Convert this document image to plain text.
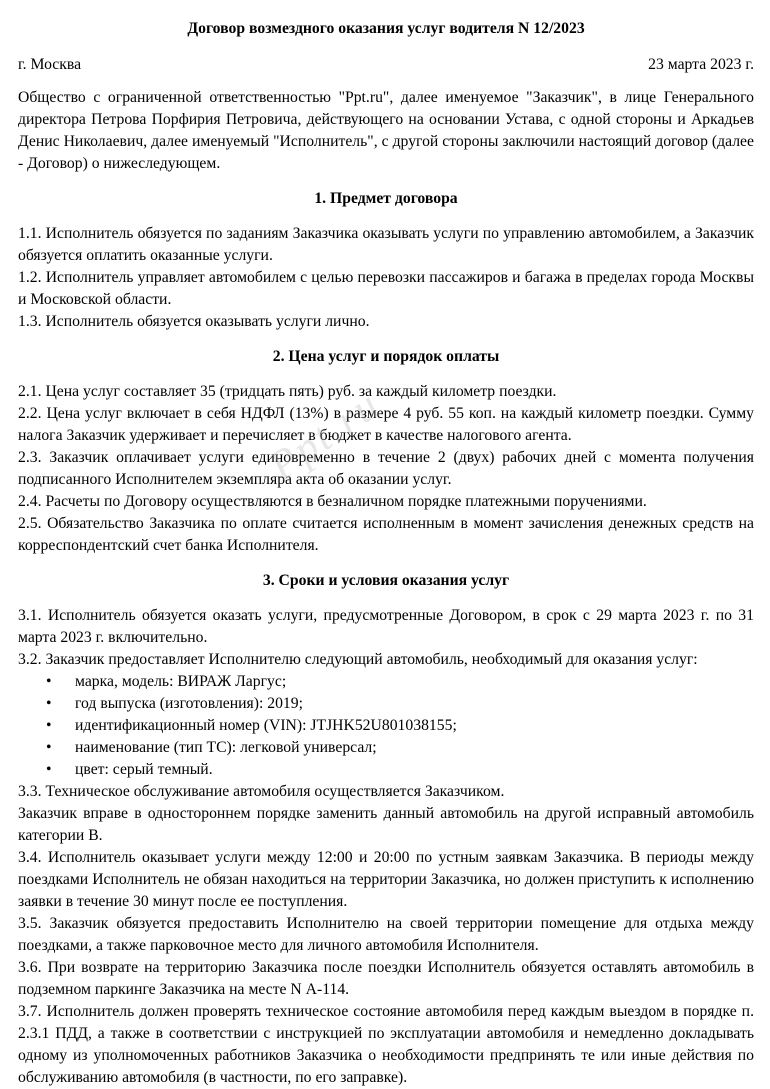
Ppt.ru
Договор возмездного оказания услуг водителя N 12/2023
г. Москва	23 марта 2023 г.

Общество с ограниченной ответственностью "Ppt.ru", далее именуемое "Заказчик", в лице Генерального директора Петрова Порфирия Петровича, действующего на основании Устава, с одной стороны и Аркадьев Денис Николаевич, далее именуемый "Исполнитель", с другой стороны заключили настоящий договор (далее - Договор) о нижеследующем.

1. Предмет договора

1.1. Исполнитель обязуется по заданиям Заказчика оказывать услуги по управлению автомобилем, а Заказчик обязуется оплатить оказанные услуги.

1.2. Исполнитель управляет автомобилем с целью перевозки пассажиров и багажа в пределах города Москвы и Московской области.

1.3. Исполнитель обязуется оказывать услуги лично.

2. Цена услуг и порядок оплаты

2.1. Цена услуг составляет 35 (тридцать пять) руб. за каждый километр поездки.

2.2. Цена услуг включает в себя НДФЛ (13%) в размере 4 руб. 55 коп. на каждый километр поездки. Сумму налога Заказчик удерживает и перечисляет в бюджет в качестве налогового агента.

2.3. Заказчик оплачивает услуги единовременно в течение 2 (двух) рабочих дней с момента получения подписанного Исполнителем экземпляра акта об оказании услуг.

2.4. Расчеты по Договору осуществляются в безналичном порядке платежными поручениями.

2.5. Обязательство Заказчика по оплате считается исполненным в момент зачисления денежных средств на корреспондентский счет банка Исполнителя.

3. Сроки и условия оказания услуг

3.1. Исполнитель обязуется оказать услуги, предусмотренные Договором, в срок с 29 марта 2023 г. по 31 марта 2023 г. включительно.

3.2. Заказчик предоставляет Исполнителю следующий автомобиль, необходимый для оказания услуг:

• марка, модель: ВИРАЖ Ларгус;
• год выпуска (изготовления): 2019;
• идентификационный номер (VIN): JTJHK52U801038155;
• наименование (тип ТС): легковой универсал;
• цвет: серый темный.

3.3. Техническое обслуживание автомобиля осуществляется Заказчиком.

Заказчик вправе в одностороннем порядке заменить данный автомобиль на другой исправный автомобиль категории B.

3.4. Исполнитель оказывает услуги между 12:00 и 20:00 по устным заявкам Заказчика. В периоды между поездками Исполнитель не обязан находиться на территории Заказчика, но должен приступить к исполнению заявки в течение 30 минут после ее поступления.

3.5. Заказчик обязуется предоставить Исполнителю на своей территории помещение для отдыха между поездками, а также парковочное место для личного автомобиля Исполнителя.

3.6. При возврате на территорию Заказчика после поездки Исполнитель обязуется оставлять автомобиль в подземном паркинге Заказчика на месте N А-114.

3.7. Исполнитель должен проверять техническое состояние автомобиля перед каждым выездом в порядке п. 2.3.1 ПДД, а также в соответствии с инструкцией по эксплуатации автомобиля и немедленно докладывать одному из уполномоченных работников Заказчика о необходимости предпринять те или иные действия по обслуживанию автомобиля (в частности, по его заправке).
